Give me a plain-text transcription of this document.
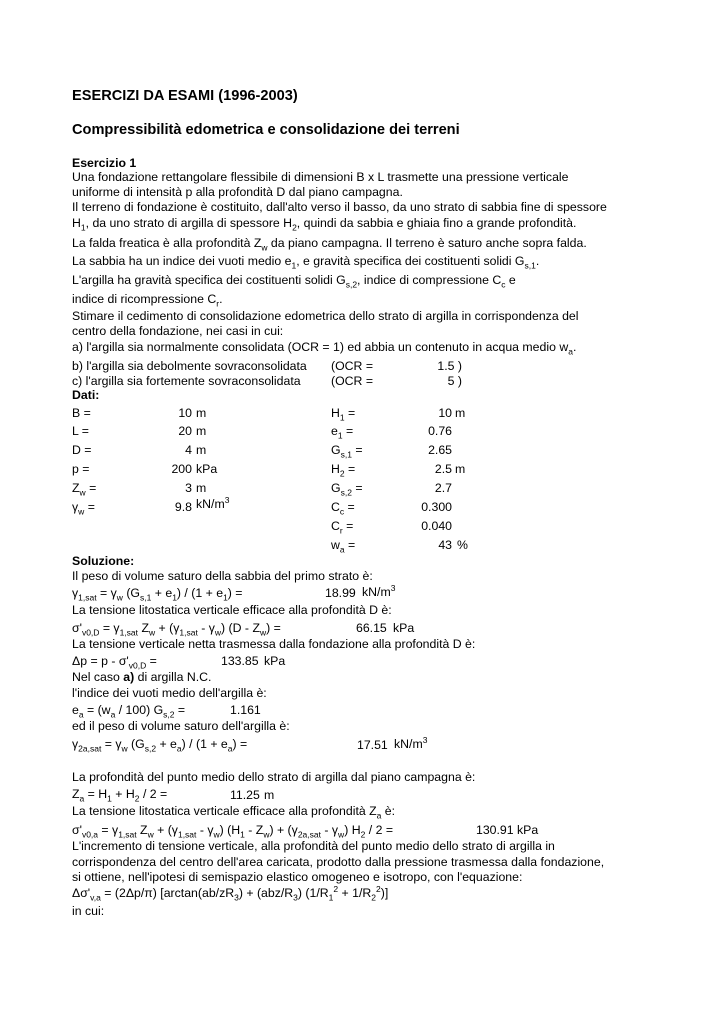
ESERCIZI DA ESAMI (1996-2003)
Compressibilità edometrica e consolidazione dei terreni
Esercizio 1
Una fondazione rettangolare flessibile di dimensioni B x L trasmette una pressione verticale
uniforme di intensità p alla profondità D dal piano campagna.
Il terreno di fondazione è costituito, dall'alto verso il basso, da uno strato di sabbia fine di spessore
$H_1$, da uno strato di argilla di spessore $H_2$, quindi da sabbia e ghiaia fino a grande profondità.
La falda freatica è alla profondità $Z_w$ da piano campagna. Il terreno è saturo anche sopra falda.
La sabbia ha un indice dei vuoti medio $e_1$, e gravità specifica dei costituenti solidi $G_{s,1}$.
L'argilla ha gravità specifica dei costituenti solidi $G_{s,2}$, indice di compressione $C_c$ e
indice di ricompressione $C_r$.
Stimare il cedimento di consolidazione edometrica dello strato di argilla in corrispondenza del
centro della fondazione, nei casi in cui:
a) l'argilla sia normalmente consolidata (OCR = 1) ed abbia un contenuto in acqua medio $w_a$.
b) l'argilla sia debolmente sovraconsolidata (OCR =	1.5 )
c) l'argilla sia fortemente sovraconsolidata (OCR =	5 )
Dati:
B =	10 m
L =	20 m
D =	4 m
p =	200 kPa
$Z_w$ =	3 m
$\gamma_w$ =	9.8 $kN/m^3$
$H_1$ =	10 m
$e_1$ =	0.76
$G_{s,1}$ =	2.65
$H_2$ =	2.5 m
$G_{s,2}$ =	2.7
$C_c$ =	0.300
$C_r$ =	0.040
$w_a$ =	43 %
Soluzione:
Il peso di volume saturo della sabbia del primo strato è:
$\gamma_{1,sat} = \gamma_w$ $(G_{s,1} + e_1) / (1 + e_1)$ =	18.99 $kN/m^3$
La tensione litostatica verticale efficace alla profondità D è:
$\sigma'_{v0,D} = \gamma_{1,sat}$ $Z_w + (\gamma_{1,sat} - \gamma_w)$ $(D - Z_w)$ =	66.15 kPa
La tensione verticale netta trasmessa dalla fondazione alla profondità D è:
$\Delta p = p - \sigma'_{v0,D}$ =	133.85 kPa
Nel caso a) di argilla N.C.
l'indice dei vuoti medio dell'argilla è:
$e_a = (w_a / 100) G_{s,2}$ =	1.161
ed il peso di volume saturo dell'argilla è:
$\gamma_{2a,sat} = \gamma_w$ $(G_{s,2} + e_a) / (1 + e_a)$ =	17.51 $kN/m^3$
La profondità del punto medio dello strato di argilla dal piano campagna è:
$Z_a = H_1 + H_2 / 2$ =	11.25 m
La tensione litostatica verticale efficace alla profondità $Z_a$ è:
$\sigma'_{v0,a} = \gamma_{1,sat}$ $Z_w + (\gamma_{1,sat} - \gamma_w)$ $(H_1 - Z_w) + (\gamma_{2a,sat} - \gamma_w)$ $H_2 / 2$ =	130.91 kPa
L'incremento di tensione verticale, alla profondità del punto medio dello strato di argilla in
corrispondenza del centro dell'area caricata, prodotto dalla pressione trasmessa dalla fondazione,
si ottiene, nell'ipotesi di semispazio elastico omogeneo e isotropo, con l'equazione:
$\Delta\sigma'_{v,a} = (2\Delta p/\pi) [\arctan(ab/zR_3) + (abz/R_3) (1/R_1^2 + 1/R_2^2)]$
in cui:
